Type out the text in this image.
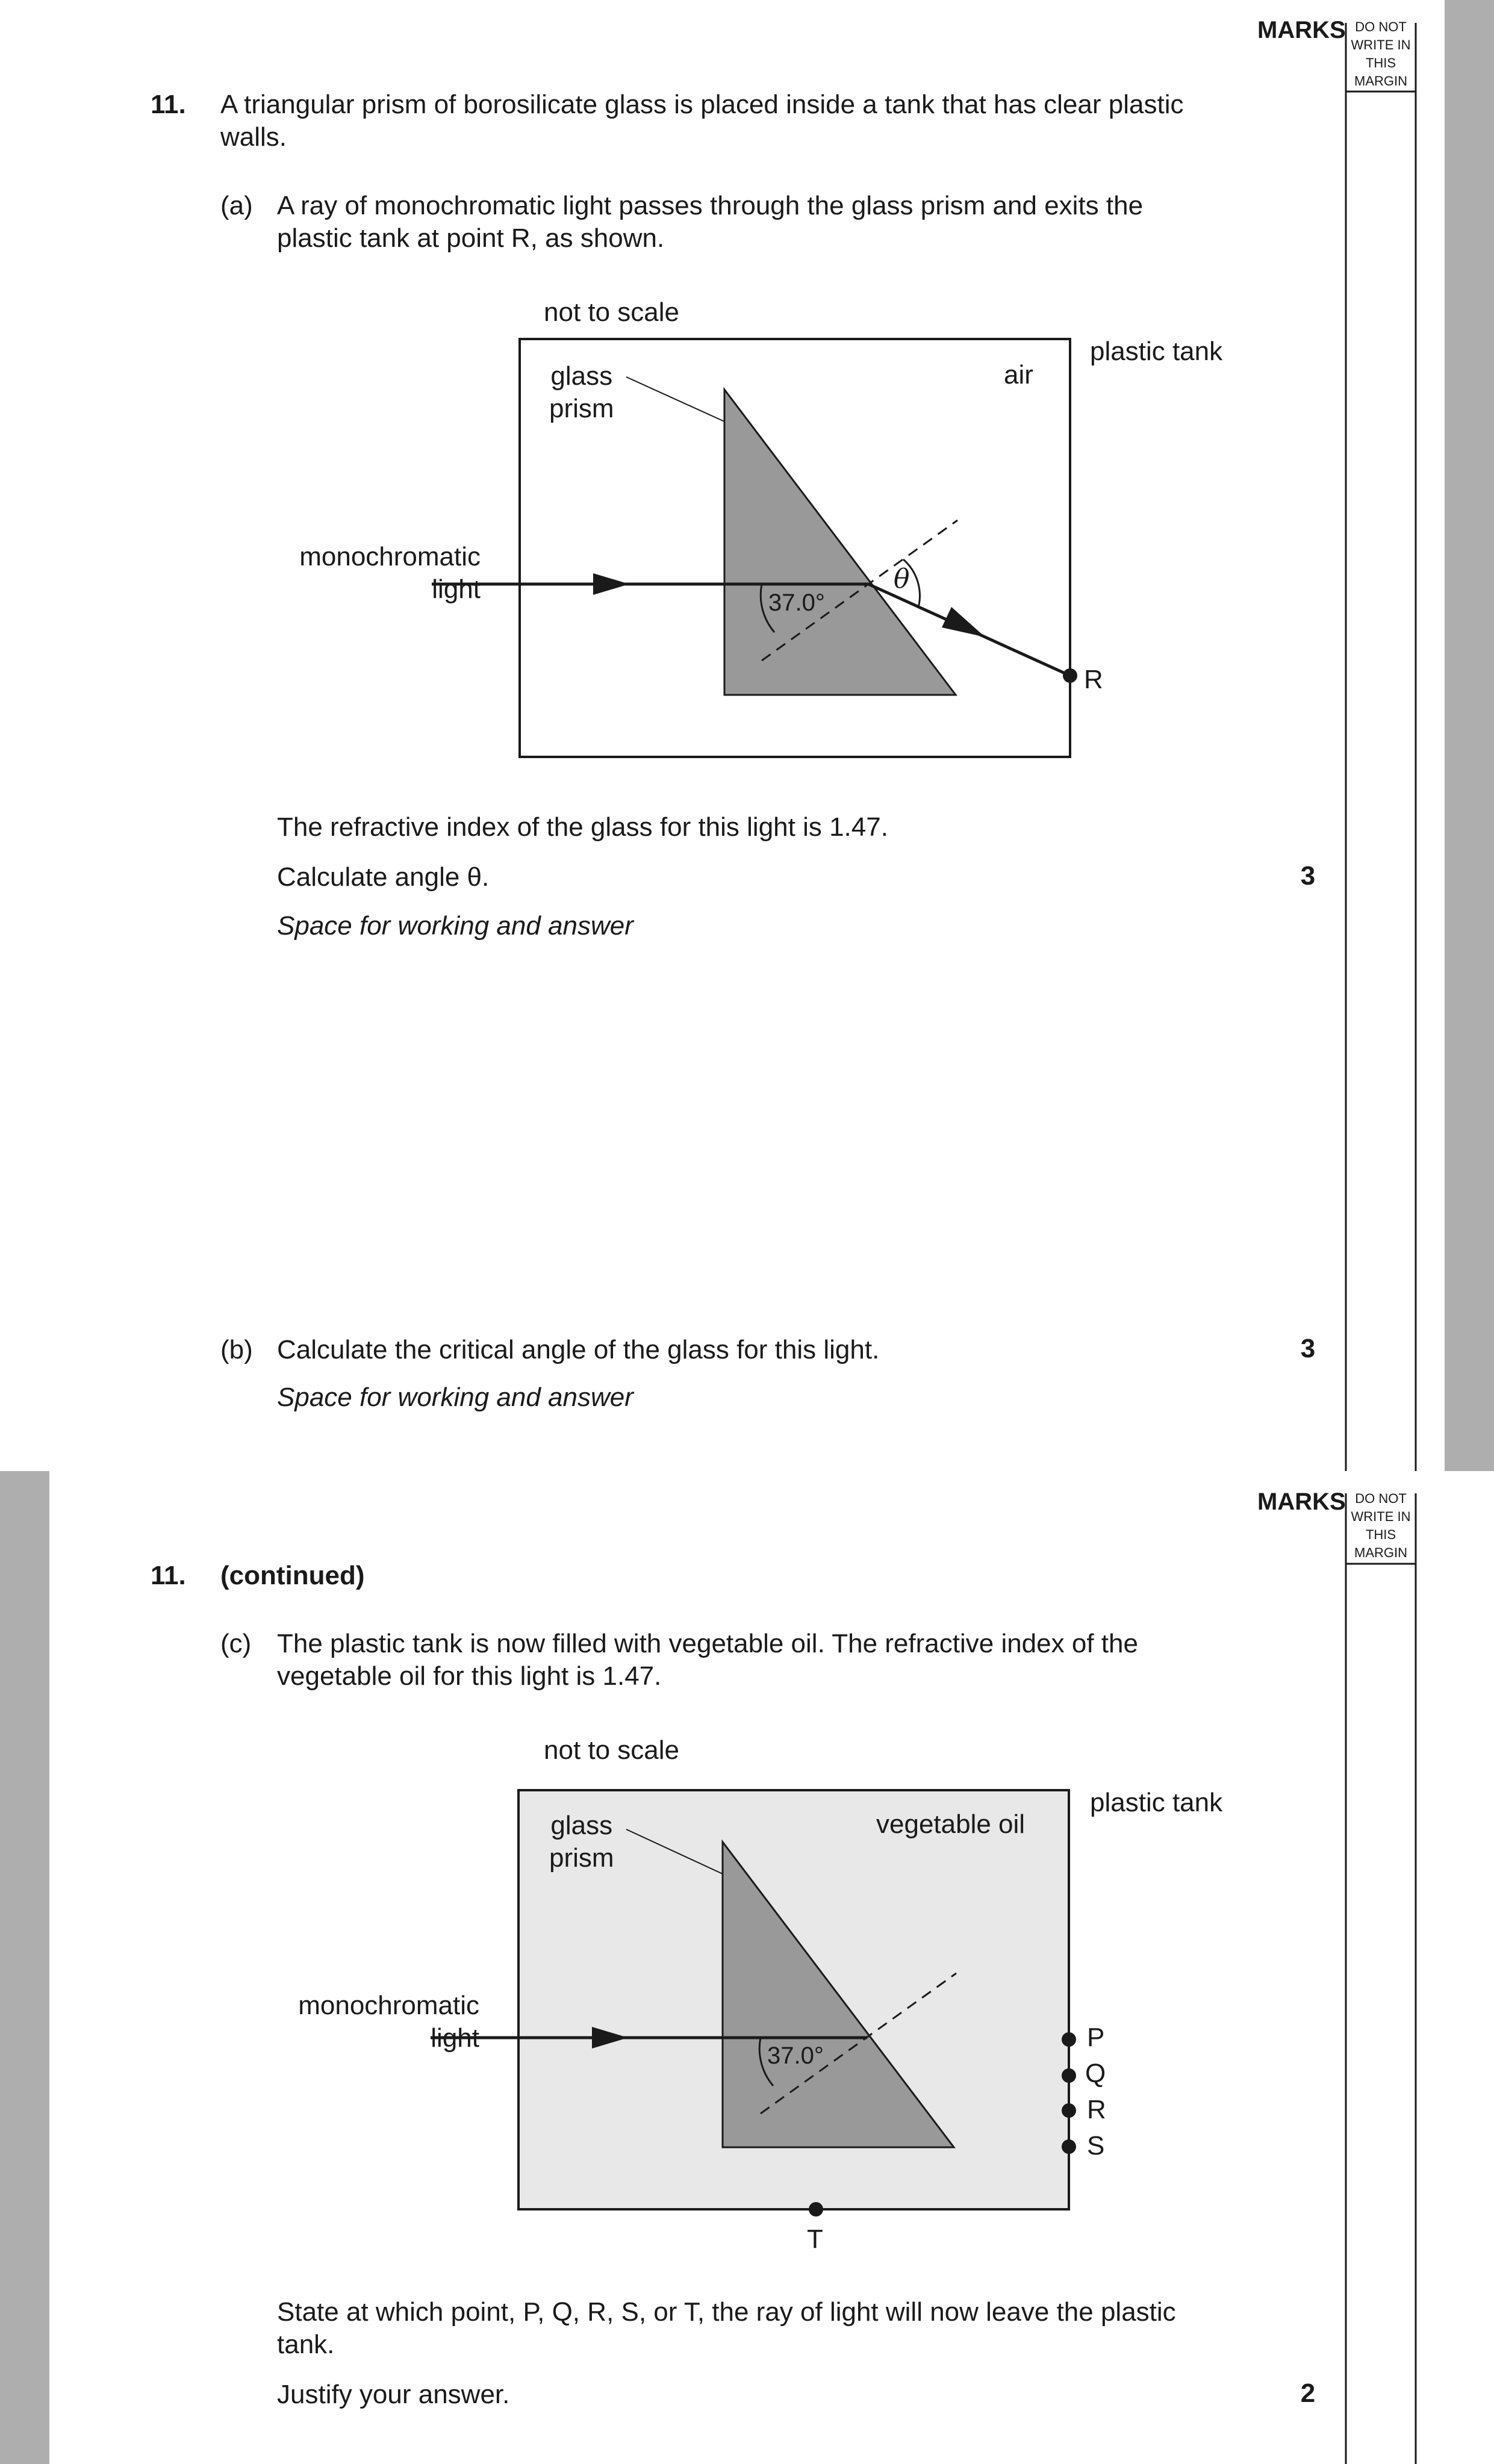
MARKS DO NOT
WRITE IN
THIS
MARGIN
11. A triangular prism of borosilicate glass is placed inside a tank that has clear plastic
walls.
(a) A ray of monochromatic light passes through the glass prism and exits the
plastic tank at point R, as shown.
not to scale
plastic tank
glass
prism
air
monochromatic
light	37.0°
θ
R
The refractive index of the glass for this light is 1.47.
Calculate angle θ.
Space for working and answer
3
(b) Calculate the critical angle of the glass for this light.
Space for working and answer
3
MARKS DO NOT
WRITE IN
THIS
MARGIN
11. (continued)
(c) The plastic tank is now filled with vegetable oil. The refractive index of the
vegetable oil for this light is 1.47.
not to scale
plastic tank
glass
prism
vegetable oil
monochromatic
light
37.0°
P
Q
R
S
T
State at which point, P, Q, R, S, or T, the ray of light will now leave the plastic
tank.
Justify your answer.	2
